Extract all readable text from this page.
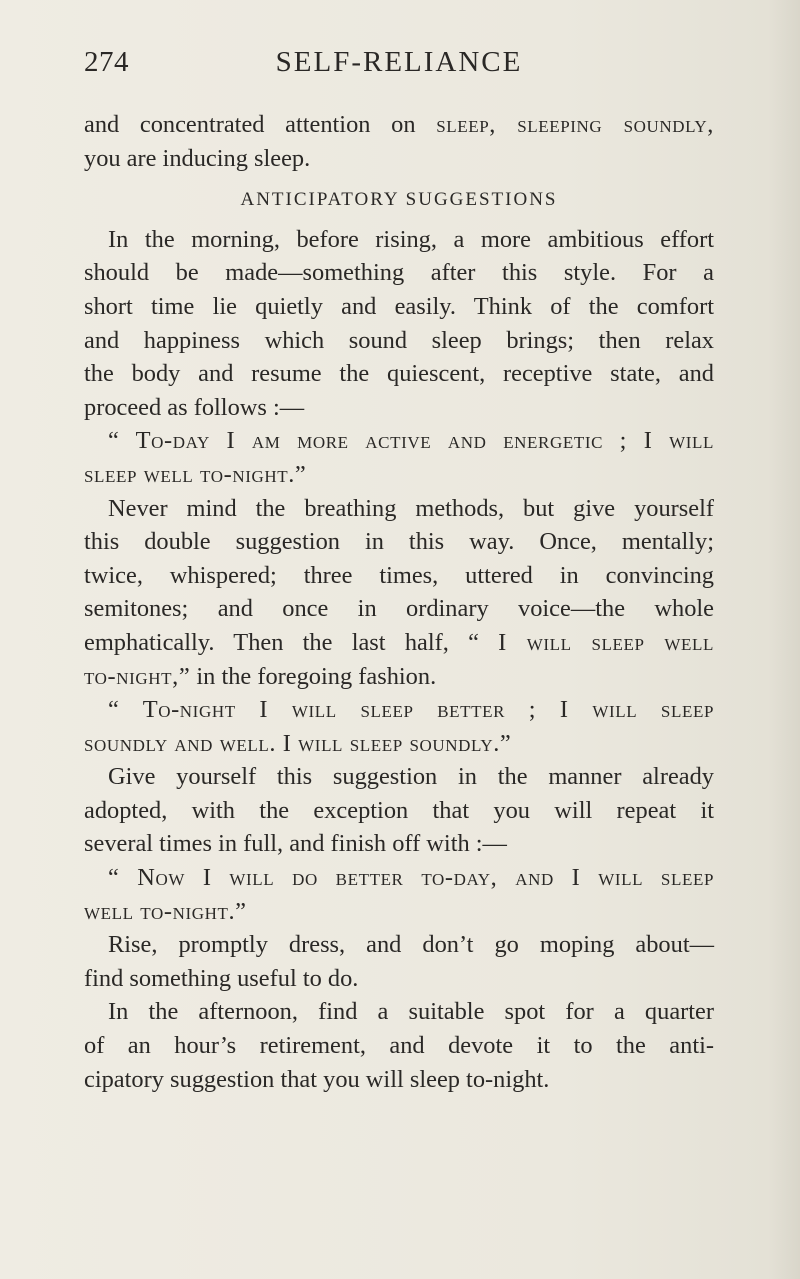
274	SELF-RELIANCE
and concentrated attention on sleep, sleeping soundly,
you are inducing sleep.
ANTICIPATORY SUGGESTIONS
In the morning, before rising, a more ambitious effort
should be made—something after this style. For a
short time lie quietly and easily. Think of the comfort
and happiness which sound sleep brings; then relax
the body and resume the quiescent, receptive state, and
proceed as follows :—
“ To-day I am more active and energetic ; I will
sleep well to-night.”
Never mind the breathing methods, but give yourself
this double suggestion in this way. Once, mentally;
twice, whispered; three times, uttered in convincing
semitones; and once in ordinary voice—the whole
emphatically. Then the last half, “ I will sleep well
to-night,” in the foregoing fashion.
“ To-night I will sleep better ; I will sleep
soundly and well. I will sleep soundly.”
Give yourself this suggestion in the manner already
adopted, with the exception that you will repeat it
several times in full, and finish off with :—
“ Now I will do better to-day, and I will sleep
well to-night.”
Rise, promptly dress, and don’t go moping about—
find something useful to do.
In the afternoon, find a suitable spot for a quarter
of an hour’s retirement, and devote it to the anti-
cipatory suggestion that you will sleep to-night.
